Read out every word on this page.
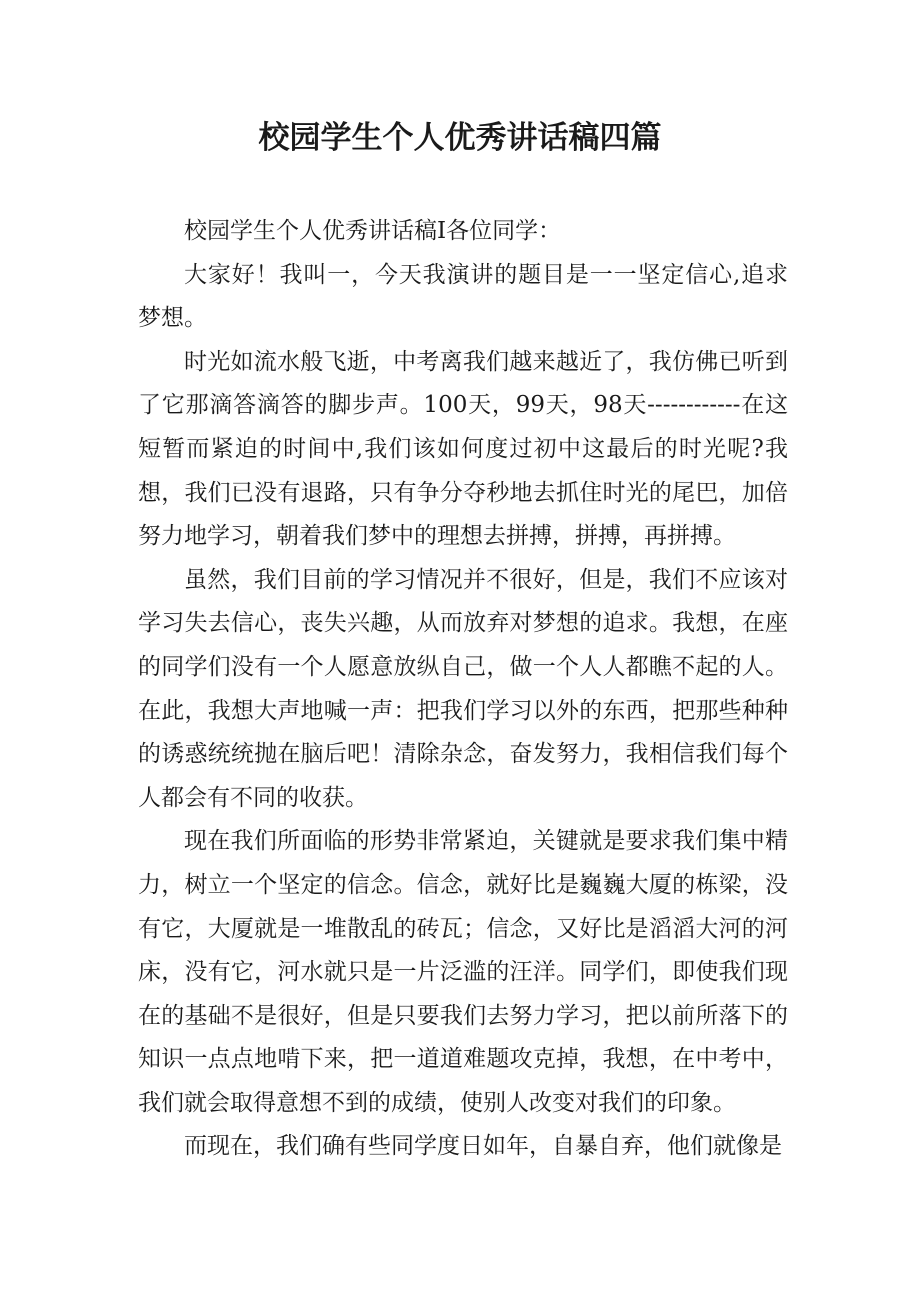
校园学生个人优秀讲话稿四篇

校园学生个人优秀讲话稿I各位同学：

大家好！我叫一，今天我演讲的题目是一一坚定信心,追求梦想。

时光如流水般飞逝，中考离我们越来越近了，我仿佛已听到了它那滴答滴答的脚步声。100天，99天，98天------------在这短暂而紧迫的时间中,我们该如何度过初中这最后的时光呢?我想，我们已没有退路，只有争分夺秒地去抓住时光的尾巴，加倍努力地学习，朝着我们梦中的理想去拼搏，拼搏，再拼搏。

虽然，我们目前的学习情况并不很好，但是，我们不应该对学习失去信心，丧失兴趣，从而放弃对梦想的追求。我想，在座的同学们没有一个人愿意放纵自己，做一个人人都瞧不起的人。在此，我想大声地喊一声：把我们学习以外的东西，把那些种种的诱惑统统抛在脑后吧！清除杂念，奋发努力，我相信我们每个人都会有不同的收获。

现在我们所面临的形势非常紧迫，关键就是要求我们集中精力，树立一个坚定的信念。信念，就好比是巍巍大厦的栋梁，没有它，大厦就是一堆散乱的砖瓦；信念，又好比是滔滔大河的河床，没有它，河水就只是一片泛滥的汪洋。同学们，即使我们现在的基础不是很好，但是只要我们去努力学习，把以前所落下的知识一点点地啃下来，把一道道难题攻克掉，我想，在中考中，我们就会取得意想不到的成绩，使别人改变对我们的印象。

而现在，我们确有些同学度日如年，自暴自弃，他们就像是
